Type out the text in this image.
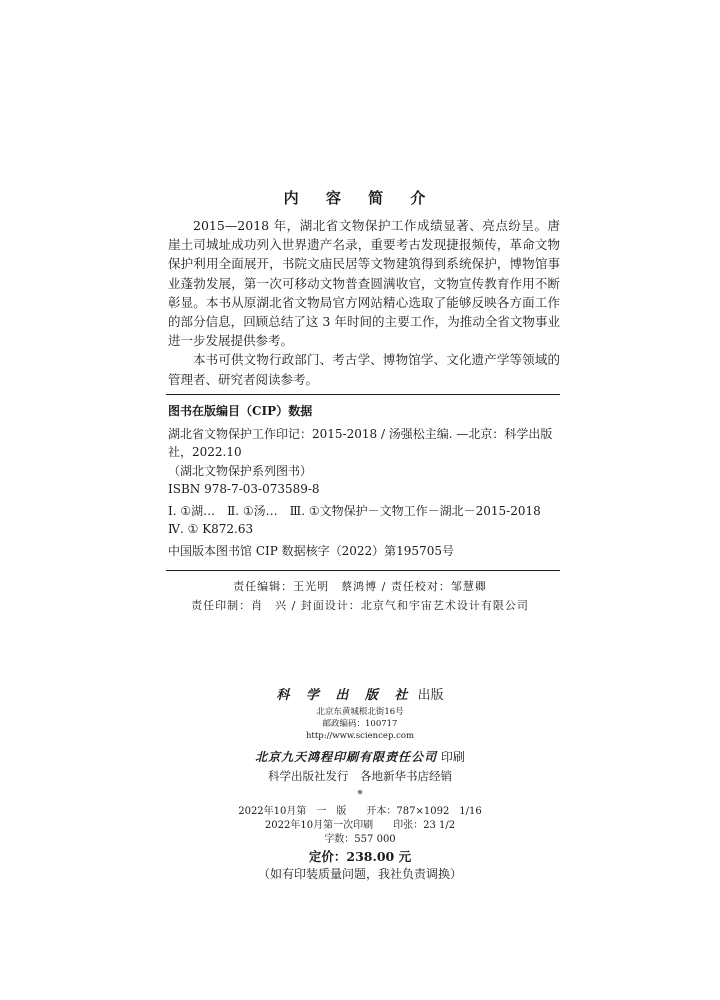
内 容 简 介

2015—2018 年，湖北省文物保护工作成绩显著、亮点纷呈。唐崖土司城址成功列入世界遗产名录，重要考古发现捷报频传，革命文物保护利用全面展开，书院文庙民居等文物建筑得到系统保护，博物馆事业蓬勃发展，第一次可移动文物普查圆满收官，文物宣传教育作用不断彰显。本书从原湖北省文物局官方网站精心选取了能够反映各方面工作的部分信息，回顾总结了这 3 年时间的主要工作，为推动全省文物事业进一步发展提供参考。

本书可供文物行政部门、考古学、博物馆学、文化遗产学等领域的管理者、研究者阅读参考。

图书在版编目（CIP）数据
湖北省文物保护工作印记：2015-2018 / 汤强松主编. —北京：科学出版社，2022.10
（湖北文物保护系列图书）
ISBN 978-7-03-073589-8
Ⅰ. ①湖…　Ⅱ. ①汤…　Ⅲ. ①文物保护－文物工作－湖北－2015-2018
Ⅳ. ① K872.63
中国版本图书馆 CIP 数据核字（2022）第195705号
责任编辑：王光明　蔡鸿博 / 责任校对：邹慧卿
责任印制：肖　兴 / 封面设计：北京气和宇宙艺术设计有限公司
科 学 出 版 社 出版
北京东黄城根北街16号
邮政编码：100717
http://www.sciencep.com
北京九天鸿程印刷有限责任公司 印刷
科学出版社发行　各地新华书店经销
*
2022年10月第　一　版　　开本：787×1092　1/16
2022年10月第一次印刷　　印张：23 1/2
字数：557 000
定价：238.00 元
（如有印装质量问题，我社负责调换）
